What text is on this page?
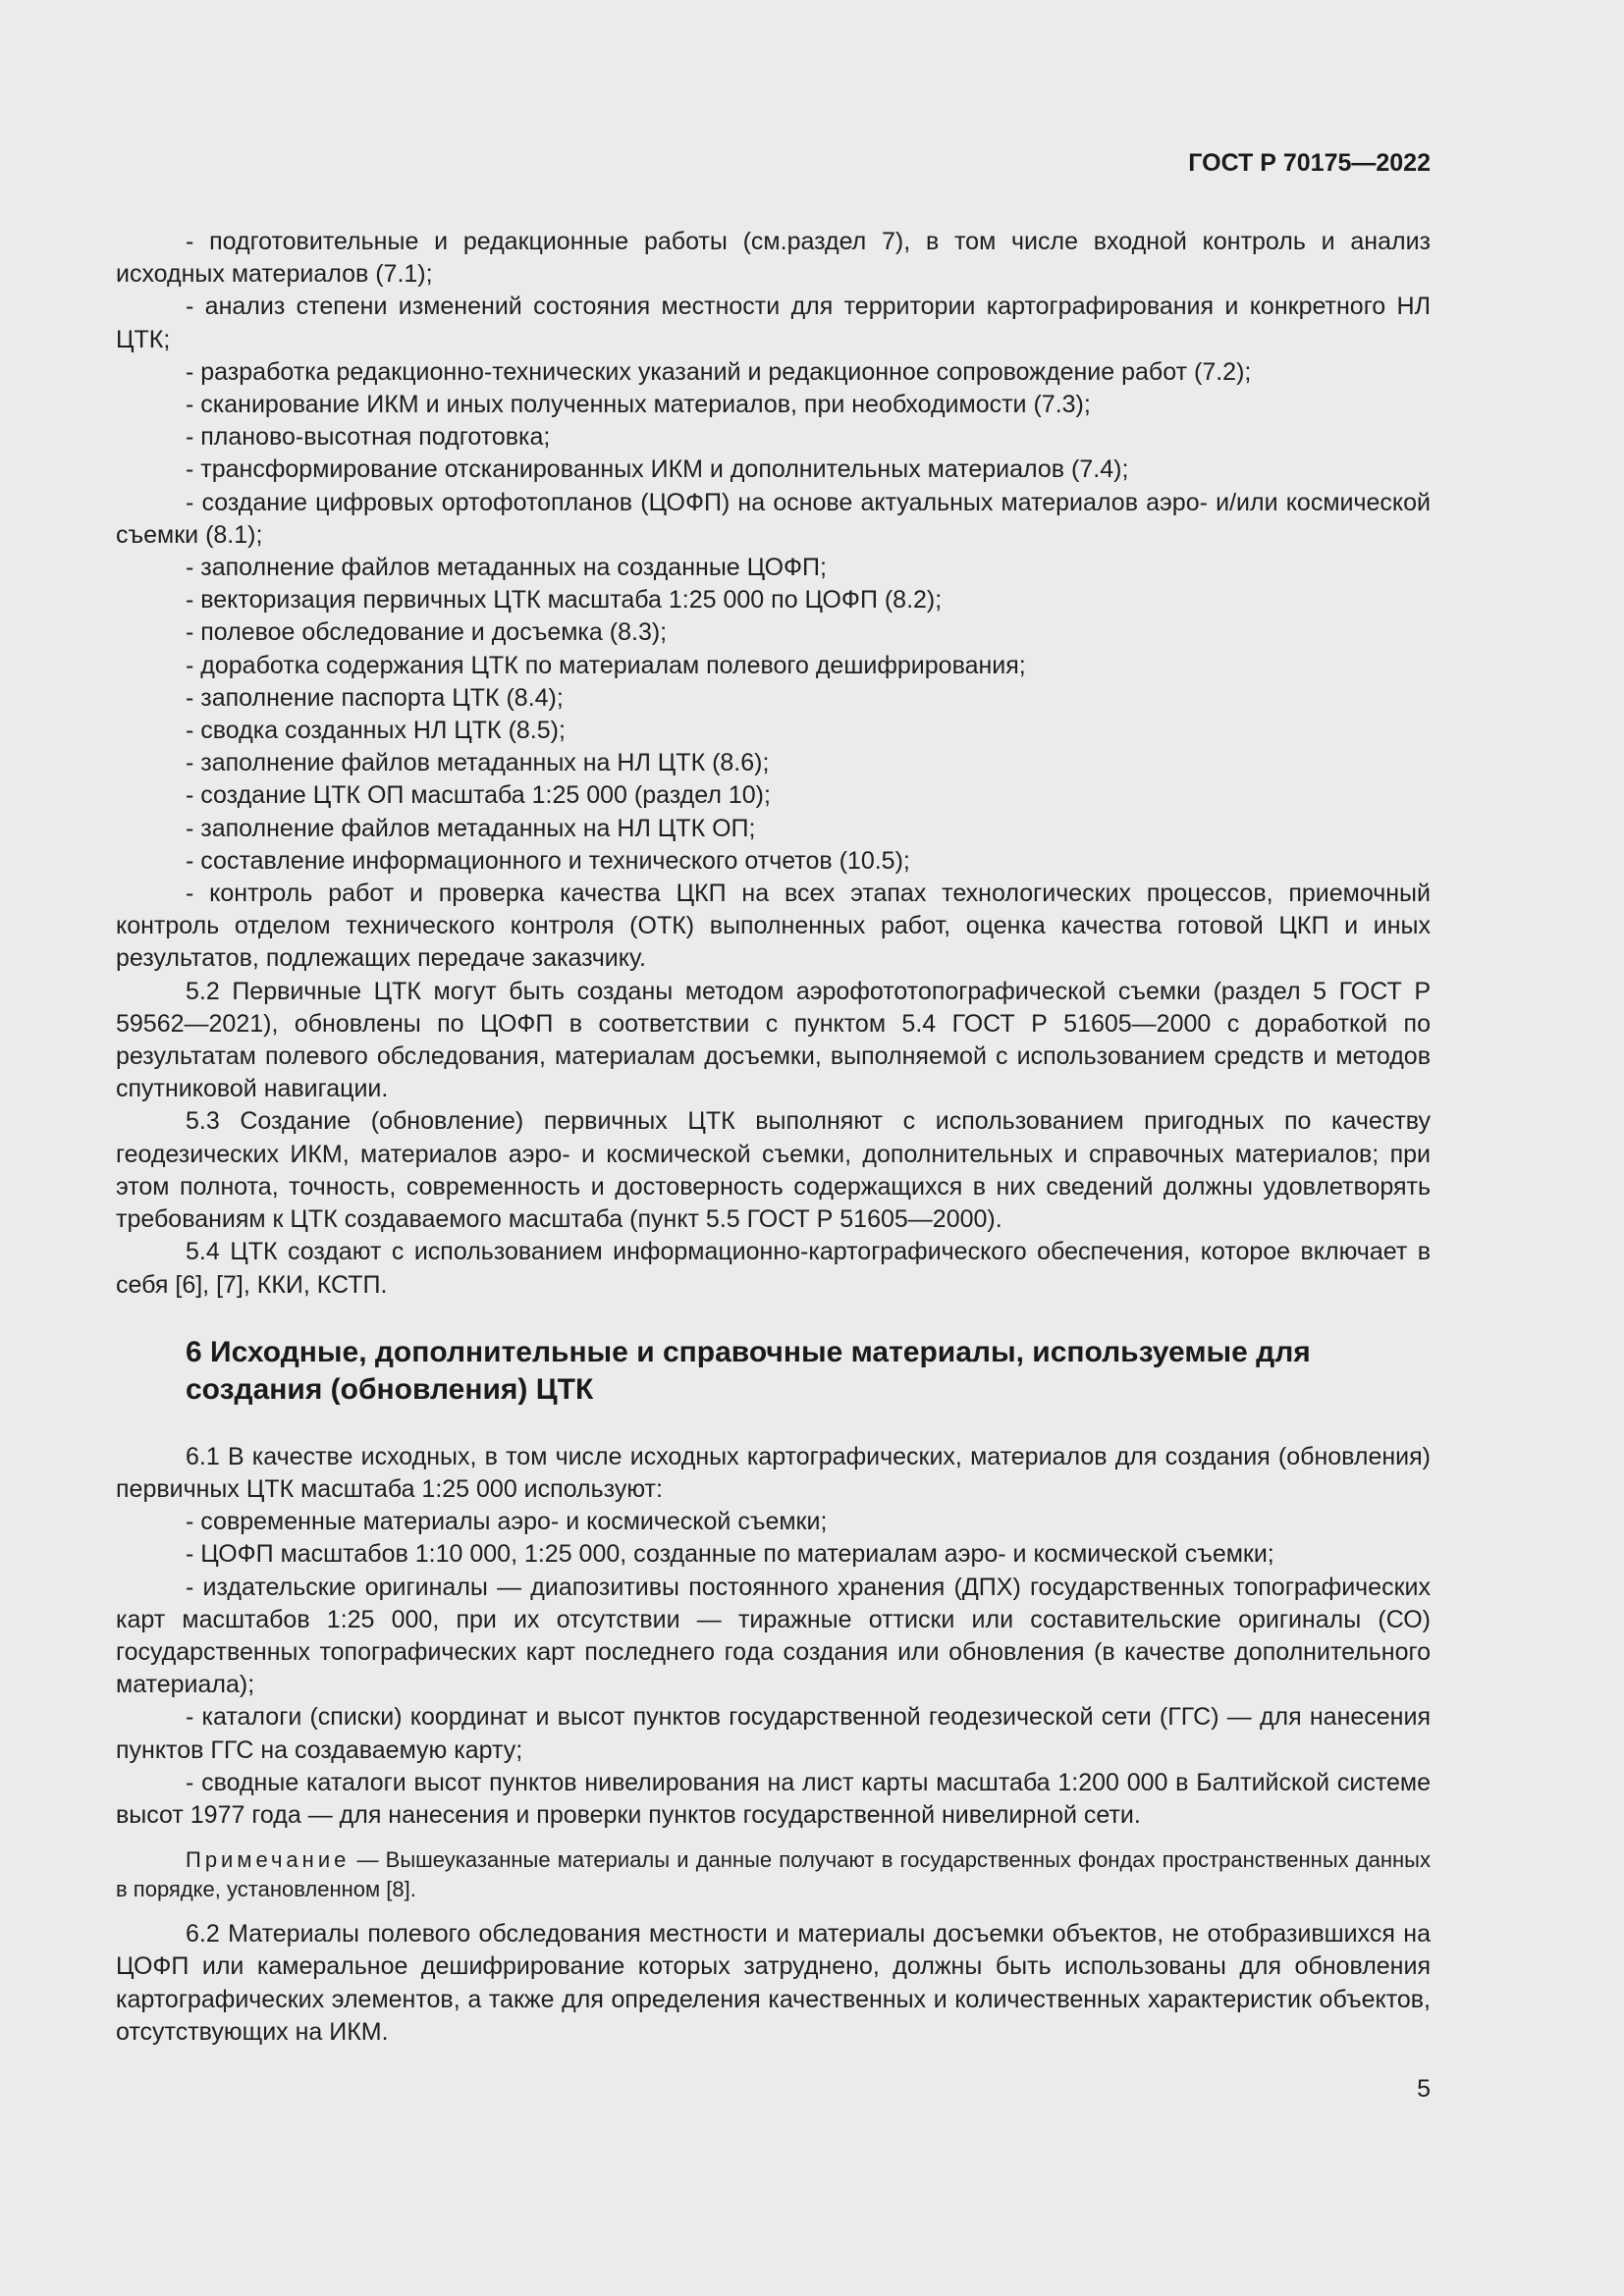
ГОСТ Р 70175—2022

- подготовительные и редакционные работы (см.раздел 7), в том числе входной контроль и анализ исходных материалов (7.1);

- анализ степени изменений состояния местности для территории картографирования и конкретного НЛ ЦТК;

- разработка редакционно-технических указаний и редакционное сопровождение работ (7.2);

- сканирование ИКМ и иных полученных материалов, при необходимости (7.3);

- планово-высотная подготовка;

- трансформирование отсканированных ИКМ и дополнительных материалов (7.4);

- создание цифровых ортофотопланов (ЦОФП) на основе актуальных материалов аэро- и/или космической съемки (8.1);

- заполнение файлов метаданных на созданные ЦОФП;

- векторизация первичных ЦТК масштаба 1:25 000 по ЦОФП (8.2);

- полевое обследование и досъемка (8.3);

- доработка содержания ЦТК по материалам полевого дешифрирования;

- заполнение паспорта ЦТК (8.4);

- сводка созданных НЛ ЦТК (8.5);

- заполнение файлов метаданных на НЛ ЦТК (8.6);

- создание ЦТК ОП масштаба 1:25 000 (раздел 10);

- заполнение файлов метаданных на НЛ ЦТК ОП;

- составление информационного и технического отчетов (10.5);

- контроль работ и проверка качества ЦКП на всех этапах технологических процессов, приемочный контроль отделом технического контроля (ОТК) выполненных работ, оценка качества готовой ЦКП и иных результатов, подлежащих передаче заказчику.

5.2 Первичные ЦТК могут быть созданы методом аэрофототопографической съемки (раздел 5 ГОСТ Р 59562—2021), обновлены по ЦОФП в соответствии с пунктом 5.4 ГОСТ Р 51605—2000 с доработкой по результатам полевого обследования, материалам досъемки, выполняемой с использованием средств и методов спутниковой навигации.

5.3 Создание (обновление) первичных ЦТК выполняют с использованием пригодных по качеству геодезических ИКМ, материалов аэро- и космической съемки, дополнительных и справочных материалов; при этом полнота, точность, современность и достоверность содержащихся в них сведений должны удовлетворять требованиям к ЦТК создаваемого масштаба (пункт 5.5 ГОСТ Р 51605—2000).

5.4 ЦТК создают с использованием информационно-картографического обеспечения, которое включает в себя [6], [7], ККИ, КСТП.

6 Исходные, дополнительные и справочные материалы, используемые для создания (обновления) ЦТК

6.1 В качестве исходных, в том числе исходных картографических, материалов для создания (обновления) первичных ЦТК масштаба 1:25 000 используют:

- современные материалы аэро- и космической съемки;

- ЦОФП масштабов 1:10 000, 1:25 000, созданные по материалам аэро- и космической съемки;

- издательские оригиналы — диапозитивы постоянного хранения (ДПХ) государственных топографических карт масштабов 1:25 000, при их отсутствии — тиражные оттиски или составительские оригиналы (СО) государственных топографических карт последнего года создания или обновления (в качестве дополнительного материала);

- каталоги (списки) координат и высот пунктов государственной геодезической сети (ГГС) — для нанесения пунктов ГГС на создаваемую карту;

- сводные каталоги высот пунктов нивелирования на лист карты масштаба 1:200 000 в Балтийской системе высот 1977 года — для нанесения и проверки пунктов государственной нивелирной сети.

Примечание — Вышеуказанные материалы и данные получают в государственных фондах пространственных данных в порядке, установленном [8].

6.2 Материалы полевого обследования местности и материалы досъемки объектов, не отобразившихся на ЦОФП или камеральное дешифрирование которых затруднено, должны быть использованы для обновления картографических элементов, а также для определения качественных и количественных характеристик объектов, отсутствующих на ИКМ.

5
